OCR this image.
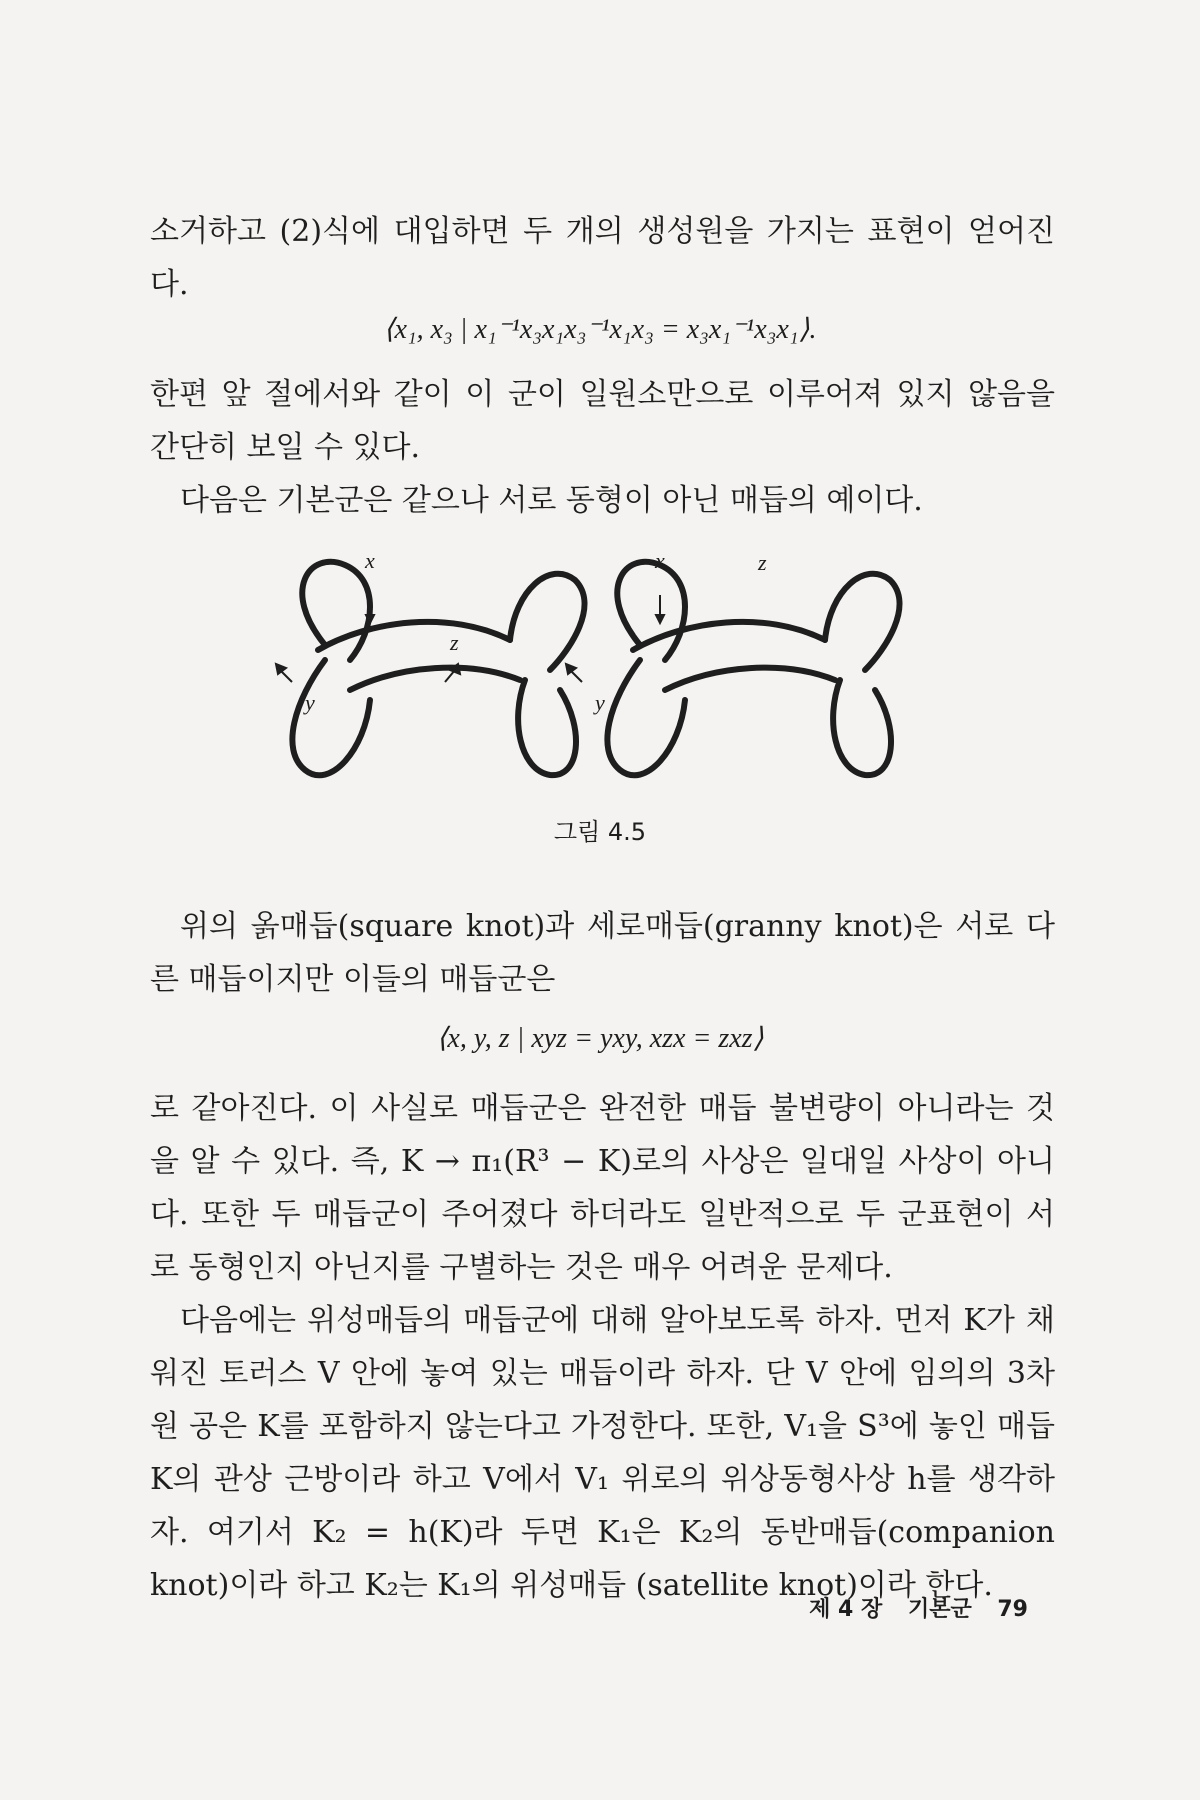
소거하고 (2)식에 대입하면 두 개의 생성원을 가지는 표현이 얻어진다.

⟨x₁, x₃ | x₁⁻¹x₃x₁x₃⁻¹x₁x₃ = x₃x₁⁻¹x₃x₁⟩.

한편 앞 절에서와 같이 이 군이 일원소만으로 이루어져 있지 않음을 간단히 보일 수 있다.

다음은 기본군은 같으나 서로 동형이 아닌 매듭의 예이다.

x
y
z
x
y
z
그림 4.5

위의 옭매듭(square knot)과 세로매듭(granny knot)은 서로 다른 매듭이지만 이들의 매듭군은

⟨x, y, z | xyz = yxy, xzx = zxz⟩

로 같아진다. 이 사실로 매듭군은 완전한 매듭 불변량이 아니라는 것을 알 수 있다. 즉, K → π₁(R³ − K)로의 사상은 일대일 사상이 아니다. 또한 두 매듭군이 주어졌다 하더라도 일반적으로 두 군표현이 서로 동형인지 아닌지를 구별하는 것은 매우 어려운 문제다.

다음에는 위성매듭의 매듭군에 대해 알아보도록 하자. 먼저 K가 채워진 토러스 V 안에 놓여 있는 매듭이라 하자. 단 V 안에 임의의 3차원 공은 K를 포함하지 않는다고 가정한다. 또한, V₁을 S³에 놓인 매듭 K의 관상 근방이라 하고 V에서 V₁ 위로의 위상동형사상 h를 생각하자. 여기서 K₂ = h(K)라 두면 K₁은 K₂의 동반매듭(companion knot)이라 하고 K₂는 K₁의 위성매듭 (satellite knot)이라 한다.

제 4 장 기본군 79
